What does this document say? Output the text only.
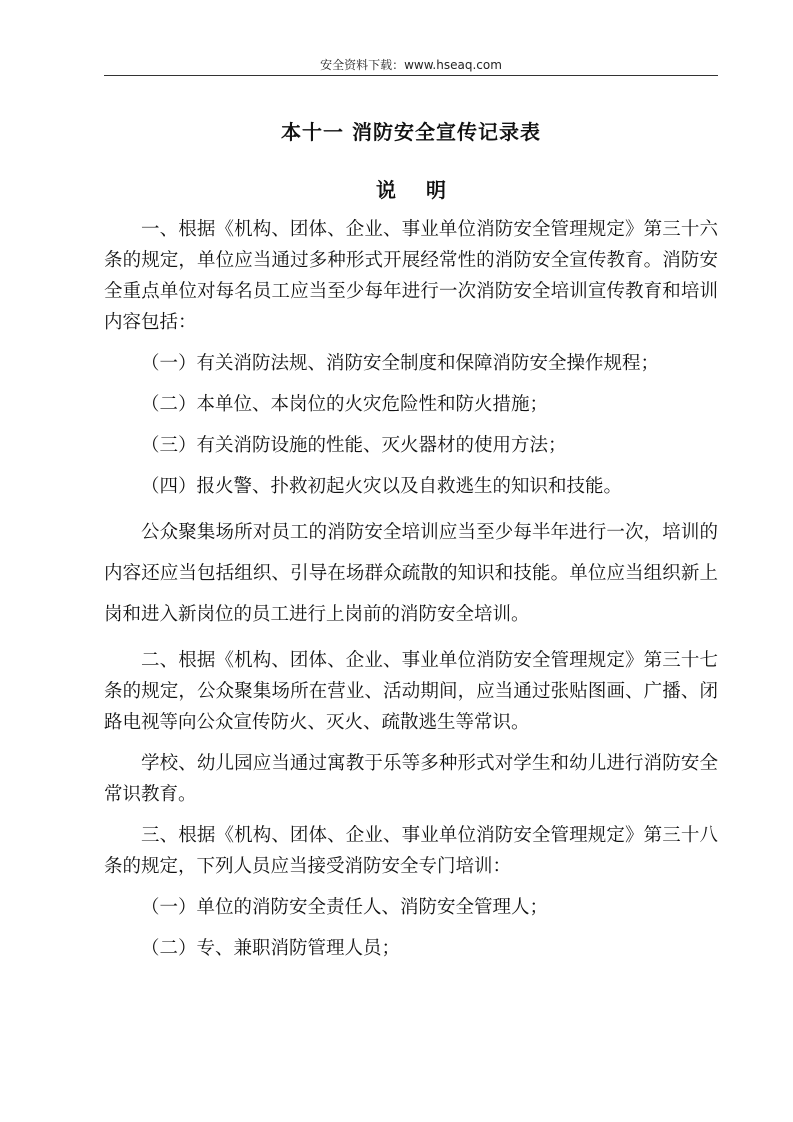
安全资料下载：www.hseaq.com
本十一 消防安全宣传记录表
说明

一、根据《机构、团体、企业、事业单位消防安全管理规定》第三十六条的规定，单位应当通过多种形式开展经常性的消防安全宣传教育。消防安全重点单位对每名员工应当至少每年进行一次消防安全培训宣传教育和培训内容包括：

（一）有关消防法规、消防安全制度和保障消防安全操作规程；

（二）本单位、本岗位的火灾危险性和防火措施；

（三）有关消防设施的性能、灭火器材的使用方法；

（四）报火警、扑救初起火灾以及自救逃生的知识和技能。

公众聚集场所对员工的消防安全培训应当至少每半年进行一次，培训的内容还应当包括组织、引导在场群众疏散的知识和技能。单位应当组织新上岗和进入新岗位的员工进行上岗前的消防安全培训。

二、根据《机构、团体、企业、事业单位消防安全管理规定》第三十七条的规定，公众聚集场所在营业、活动期间，应当通过张贴图画、广播、闭路电视等向公众宣传防火、灭火、疏散逃生等常识。

学校、幼儿园应当通过寓教于乐等多种形式对学生和幼儿进行消防安全常识教育。

三、根据《机构、团体、企业、事业单位消防安全管理规定》第三十八条的规定，下列人员应当接受消防安全专门培训：

（一）单位的消防安全责任人、消防安全管理人；

（二）专、兼职消防管理人员；
